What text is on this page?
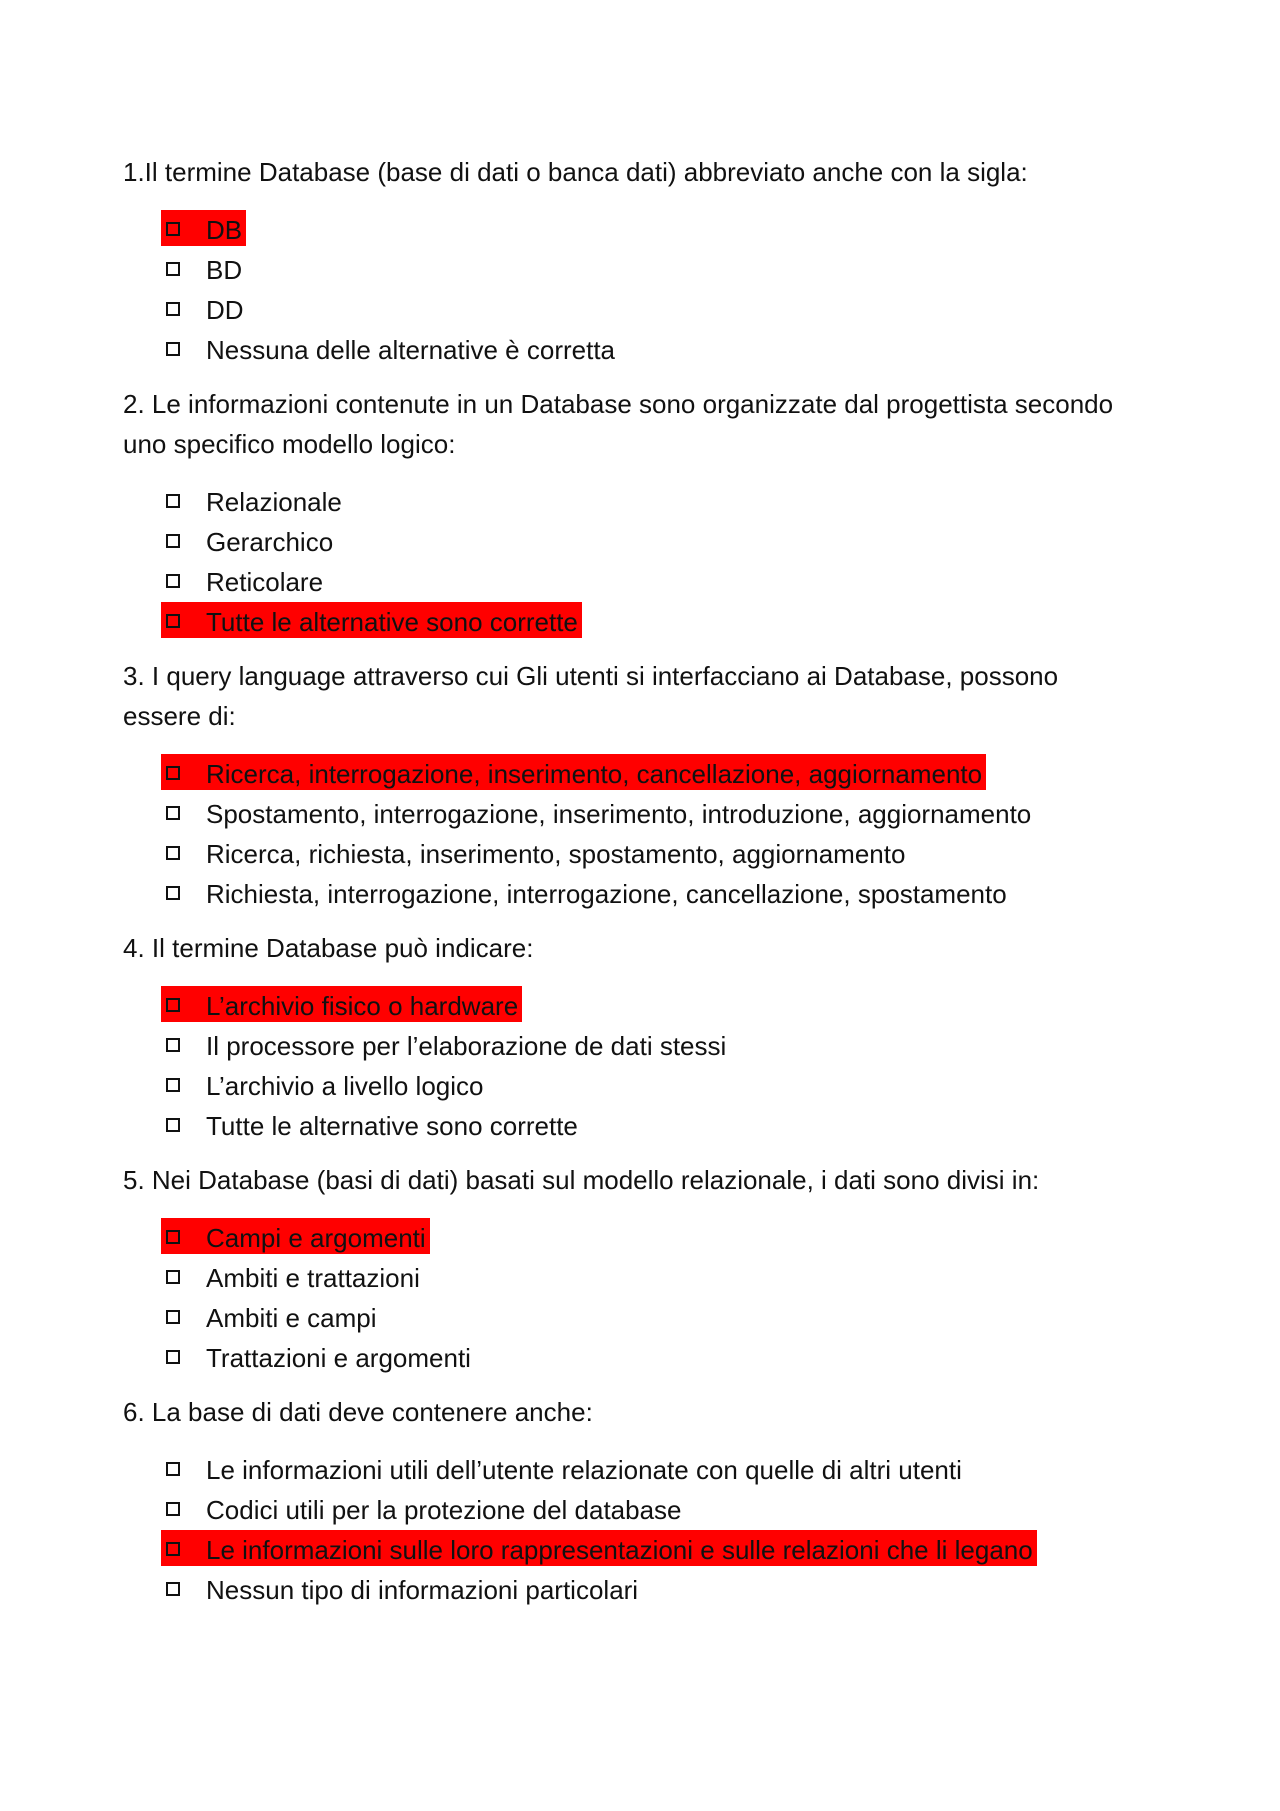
1.Il termine Database (base di dati o banca dati) abbreviato anche con la sigla:

DB
BD
DD
Nessuna delle alternative è corretta

2. Le informazioni contenute in un Database sono organizzate dal progettista secondo uno specifico modello logico:

Relazionale
Gerarchico
Reticolare
Tutte le alternative sono corrette

3. I query language attraverso cui Gli utenti si interfacciano ai Database, possono essere di:

Ricerca, interrogazione, inserimento, cancellazione, aggiornamento
Spostamento, interrogazione, inserimento, introduzione, aggiornamento
Ricerca, richiesta, inserimento, spostamento, aggiornamento
Richiesta, interrogazione, interrogazione, cancellazione, spostamento

4. Il termine Database può indicare:

L’archivio fisico o hardware
Il processore per l’elaborazione de dati stessi
L’archivio a livello logico
Tutte le alternative sono corrette

5. Nei Database (basi di dati) basati sul modello relazionale, i dati sono divisi in:

Campi e argomenti
Ambiti e trattazioni
Ambiti e campi
Trattazioni e argomenti

6. La base di dati deve contenere anche:

Le informazioni utili dell’utente relazionate con quelle di altri utenti
Codici utili per la protezione del database
Le informazioni sulle loro rappresentazioni e sulle relazioni che li legano
Nessun tipo di informazioni particolari
